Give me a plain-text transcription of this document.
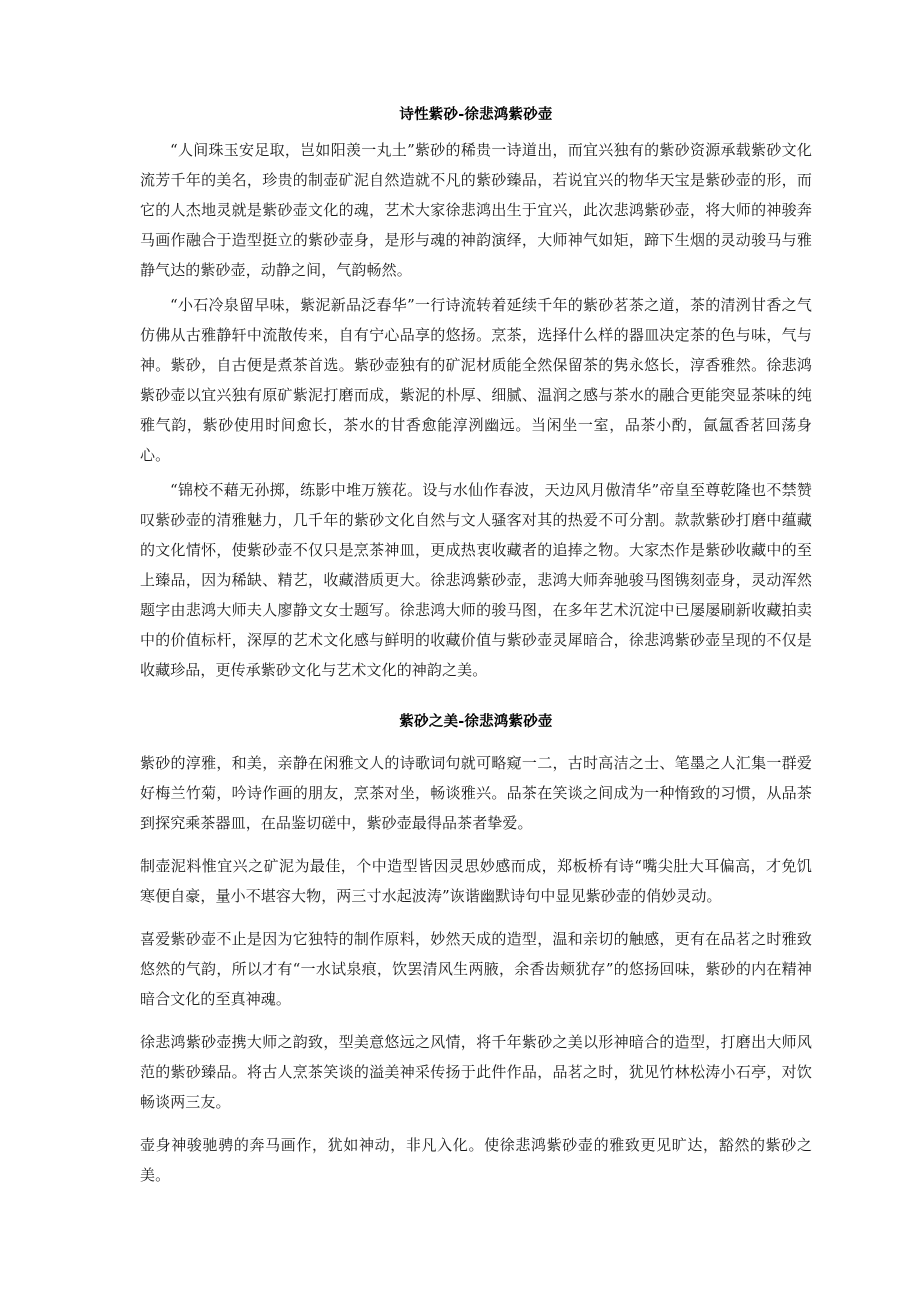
诗性紫砂-徐悲鸿紫砂壶

“人间珠玉安足取，岂如阳羡一丸土”紫砂的稀贵一诗道出，而宜兴独有的紫砂资源承载紫砂文化流芳千年的美名，珍贵的制壶矿泥自然造就不凡的紫砂臻品，若说宜兴的物华天宝是紫砂壶的形，而它的人杰地灵就是紫砂壶文化的魂，艺术大家徐悲鸿出生于宜兴，此次悲鸿紫砂壶，将大师的神骏奔马画作融合于造型挺立的紫砂壶身，是形与魂的神韵演绎，大师神气如矩，蹄下生烟的灵动骏马与雅静气达的紫砂壶，动静之间，气韵畅然。

“小石冷泉留早味，紫泥新品泛春华”一行诗流转着延续千年的紫砂茗茶之道，茶的清洌甘香之气仿佛从古雅静轩中流散传来，自有宁心品享的悠扬。烹茶，选择什么样的器皿决定茶的色与味，气与神。紫砂，自古便是煮茶首选。紫砂壶独有的矿泥材质能全然保留茶的隽永悠长，淳香雅然。徐悲鸿紫砂壶以宜兴独有原矿紫泥打磨而成，紫泥的朴厚、细腻、温润之感与茶水的融合更能突显茶味的纯雅气韵，紫砂使用时间愈长，茶水的甘香愈能淳洌幽远。当闲坐一室，品茶小酌，氤氲香茗回荡身心。

“锦校不藉无孙掷，练影中堆万簇花。设与水仙作春波，天边风月傲清华”帝皇至尊乾隆也不禁赞叹紫砂壶的清雅魅力，几千年的紫砂文化自然与文人骚客对其的热爱不可分割。款款紫砂打磨中蕴藏的文化情怀，使紫砂壶不仅只是烹茶神皿，更成热衷收藏者的追捧之物。大家杰作是紫砂收藏中的至上臻品，因为稀缺、精艺，收藏潜质更大。徐悲鸿紫砂壶，悲鸿大师奔驰骏马图镌刻壶身，灵动浑然题字由悲鸿大师夫人廖静文女士题写。徐悲鸿大师的骏马图，在多年艺术沉淀中已屡屡刷新收藏拍卖中的价值标杆，深厚的艺术文化感与鲜明的收藏价值与紫砂壶灵犀暗合，徐悲鸿紫砂壶呈现的不仅是收藏珍品，更传承紫砂文化与艺术文化的神韵之美。

紫砂之美-徐悲鸿紫砂壶

紫砂的淳雅，和美，亲静在闲雅文人的诗歌词句就可略窥一二，古时高洁之士、笔墨之人汇集一群爱好梅兰竹菊，吟诗作画的朋友，烹茶对坐，畅谈雅兴。品茶在笑谈之间成为一种惰致的习惯，从品茶到探究乘茶器皿，在品鉴切磋中，紫砂壶最得品茶者挚爱。

制壶泥料惟宜兴之矿泥为最佳，个中造型皆因灵思妙感而成，郑板桥有诗“嘴尖肚大耳偏高，才免饥寒便自豪，量小不堪容大物，两三寸水起波涛”诙谐幽默诗句中显见紫砂壶的俏妙灵动。

喜爱紫砂壶不止是因为它独特的制作原料，妙然天成的造型，温和亲切的触感，更有在品茗之时雅致悠然的气韵，所以才有“一水试泉痕，饮罢清风生两腋，余香齿颊犹存”的悠扬回味，紫砂的内在精神暗合文化的至真神魂。

徐悲鸿紫砂壶携大师之韵致，型美意悠远之风情，将千年紫砂之美以形神暗合的造型，打磨出大师风范的紫砂臻品。将古人烹茶笑谈的溢美神采传扬于此件作品，品茗之时，犹见竹林松涛小石亭，对饮畅谈两三友。

壶身神骏驰骋的奔马画作，犹如神动，非凡入化。使徐悲鸿紫砂壶的雅致更见旷达，豁然的紫砂之美。
